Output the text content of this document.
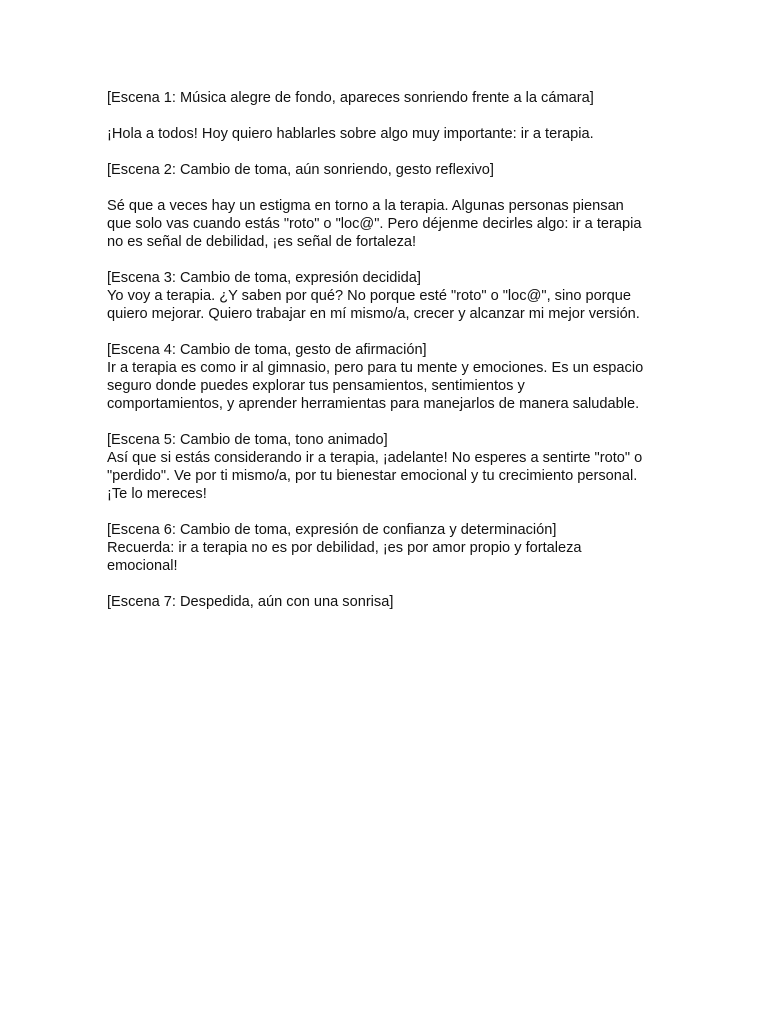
[Escena 1: Música alegre de fondo, apareces sonriendo frente a la cámara]

¡Hola a todos! Hoy quiero hablarles sobre algo muy importante: ir a terapia.

[Escena 2: Cambio de toma, aún sonriendo, gesto reflexivo]

Sé que a veces hay un estigma en torno a la terapia. Algunas personas piensan
que solo vas cuando estás "roto" o "loc@". Pero déjenme decirles algo: ir a terapia
no es señal de debilidad, ¡es señal de fortaleza!

[Escena 3: Cambio de toma, expresión decidida]
Yo voy a terapia. ¿Y saben por qué? No porque esté "roto" o "loc@", sino porque
quiero mejorar. Quiero trabajar en mí mismo/a, crecer y alcanzar mi mejor versión.

[Escena 4: Cambio de toma, gesto de afirmación]
Ir a terapia es como ir al gimnasio, pero para tu mente y emociones. Es un espacio
seguro donde puedes explorar tus pensamientos, sentimientos y
comportamientos, y aprender herramientas para manejarlos de manera saludable.

[Escena 5: Cambio de toma, tono animado]
Así que si estás considerando ir a terapia, ¡adelante! No esperes a sentirte "roto" o
"perdido". Ve por ti mismo/a, por tu bienestar emocional y tu crecimiento personal.
¡Te lo mereces!

[Escena 6: Cambio de toma, expresión de confianza y determinación]
Recuerda: ir a terapia no es por debilidad, ¡es por amor propio y fortaleza
emocional!

[Escena 7: Despedida, aún con una sonrisa]
